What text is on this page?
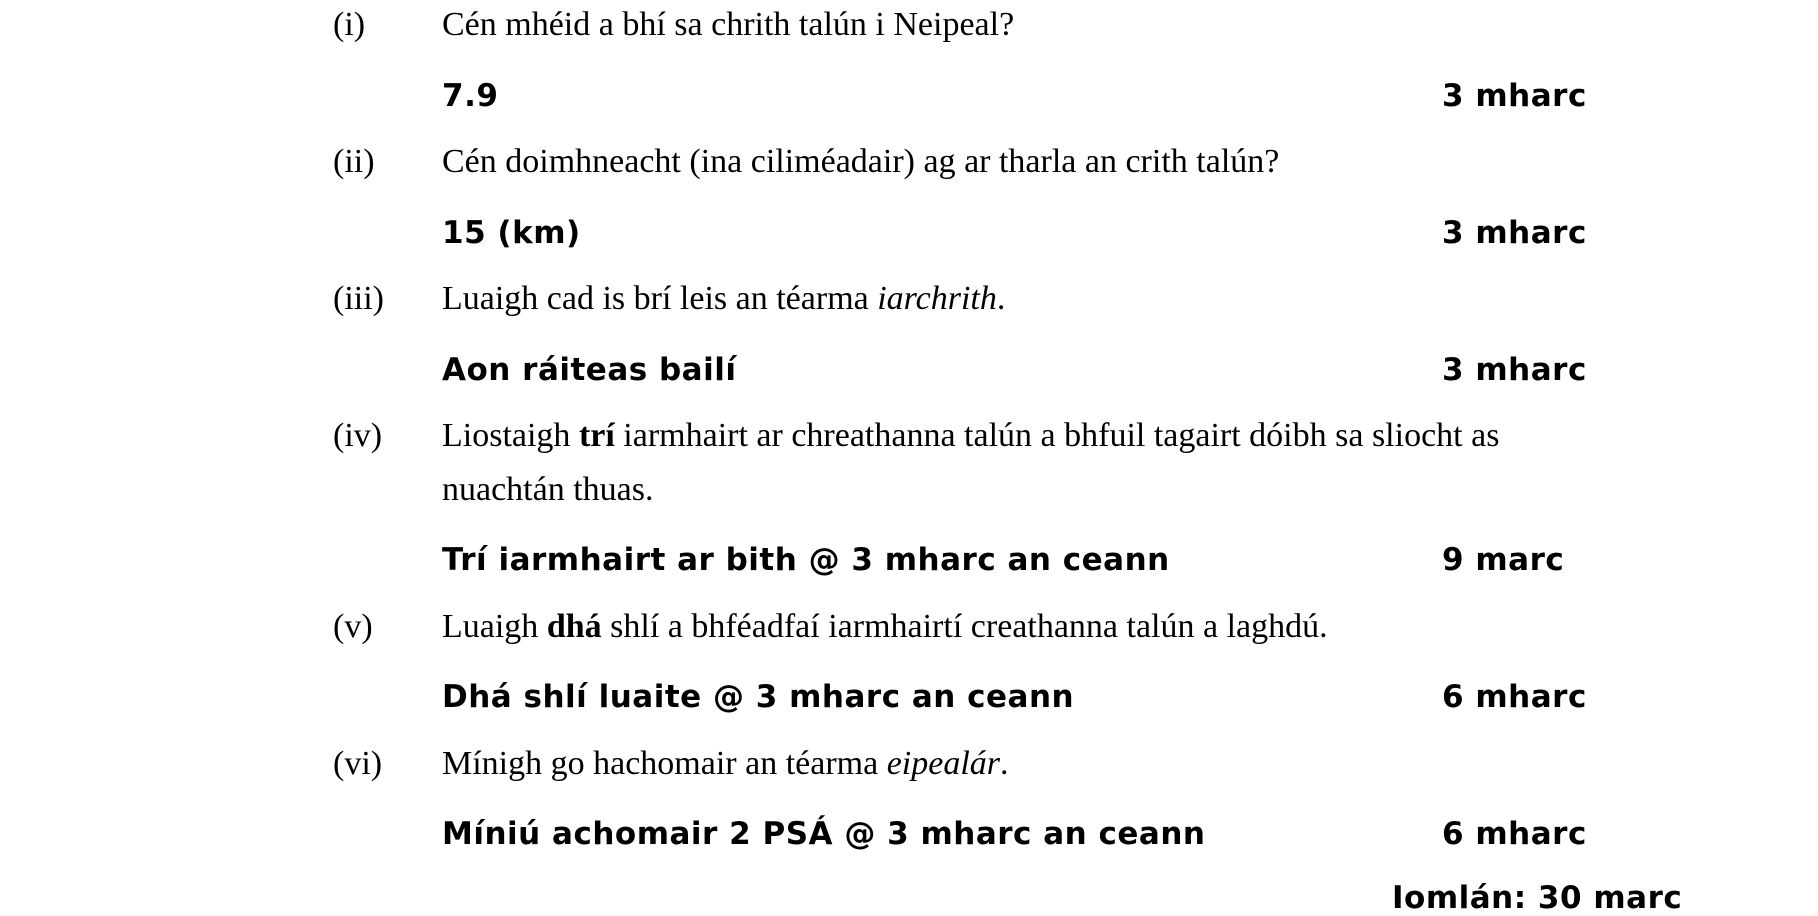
(i) Cén mhéid a bhí sa chrith talún i Neipeal?
7.9	3 mharc
(ii) Cén doimhneacht (ina ciliméadair) ag ar tharla an crith talún?
15 (km)	3 mharc
(iii) Luaigh cad is brí leis an téarma iarchrith.
Aon ráiteas bailí	3 mharc
(iv) Liostaigh trí iarmhairt ar chreathanna talún a bhfuil tagairt dóibh sa sliocht as nuachtán thuas.
Trí iarmhairt ar bith @ 3 mharc an ceann	9 marc
(v) Luaigh dhá shlí a bhféadfaí iarmhairtí creathanna talún a laghdú.
Dhá shlí luaite @ 3 mharc an ceann	6 mharc
(vi) Mínigh go hachomair an téarma eipealár.
Míniú achomair 2 PSÁ @ 3 mharc an ceann	6 mharc
Iomlán: 30 marc
